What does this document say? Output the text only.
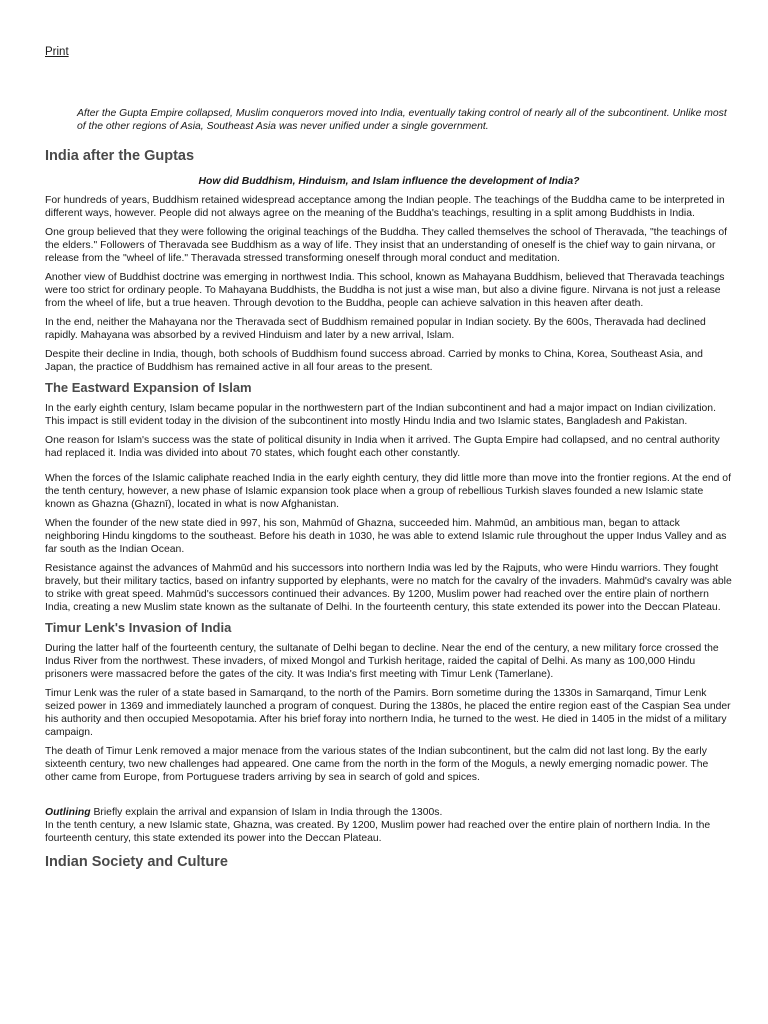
Print

After the Gupta Empire collapsed, Muslim conquerors moved into India, eventually taking control of nearly all of the subcontinent. Unlike most of the other regions of Asia, Southeast Asia was never unified under a single government.

India after the Guptas

How did Buddhism, Hinduism, and Islam influence the development of India?

For hundreds of years, Buddhism retained widespread acceptance among the Indian people. The teachings of the Buddha came to be interpreted in different ways, however. People did not always agree on the meaning of the Buddha's teachings, resulting in a split among Buddhists in India.

One group believed that they were following the original teachings of the Buddha. They called themselves the school of Theravada, "the teachings of the elders." Followers of Theravada see Buddhism as a way of life. They insist that an understanding of oneself is the chief way to gain nirvana, or release from the "wheel of life." Theravada stressed transforming oneself through moral conduct and meditation.

Another view of Buddhist doctrine was emerging in northwest India. This school, known as Mahayana Buddhism, believed that Theravada teachings were too strict for ordinary people. To Mahayana Buddhists, the Buddha is not just a wise man, but also a divine figure. Nirvana is not just a release from the wheel of life, but a true heaven. Through devotion to the Buddha, people can achieve salvation in this heaven after death.

In the end, neither the Mahayana nor the Theravada sect of Buddhism remained popular in Indian society. By the 600s, Theravada had declined rapidly. Mahayana was absorbed by a revived Hinduism and later by a new arrival, Islam.

Despite their decline in India, though, both schools of Buddhism found success abroad. Carried by monks to China, Korea, Southeast Asia, and Japan, the practice of Buddhism has remained active in all four areas to the present.

The Eastward Expansion of Islam

In the early eighth century, Islam became popular in the northwestern part of the Indian subcontinent and had a major impact on Indian civilization. This impact is still evident today in the division of the subcontinent into mostly Hindu India and two Islamic states, Bangladesh and Pakistan.

One reason for Islam's success was the state of political disunity in India when it arrived. The Gupta Empire had collapsed, and no central authority had replaced it. India was divided into about 70 states, which fought each other constantly.

When the forces of the Islamic caliphate reached India in the early eighth century, they did little more than move into the frontier regions. At the end of the tenth century, however, a new phase of Islamic expansion took place when a group of rebellious Turkish slaves founded a new Islamic state known as Ghazna (Ghaznī), located in what is now Afghanistan.

When the founder of the new state died in 997, his son, Mahmūd of Ghazna, succeeded him. Mahmūd, an ambitious man, began to attack neighboring Hindu kingdoms to the southeast. Before his death in 1030, he was able to extend Islamic rule throughout the upper Indus Valley and as far south as the Indian Ocean.

Resistance against the advances of Mahmūd and his successors into northern India was led by the Rajputs, who were Hindu warriors. They fought bravely, but their military tactics, based on infantry supported by elephants, were no match for the cavalry of the invaders. Mahmūd's cavalry was able to strike with great speed. Mahmūd's successors continued their advances. By 1200, Muslim power had reached over the entire plain of northern India, creating a new Muslim state known as the sultanate of Delhi. In the fourteenth century, this state extended its power into the Deccan Plateau.

Timur Lenk's Invasion of India

During the latter half of the fourteenth century, the sultanate of Delhi began to decline. Near the end of the century, a new military force crossed the Indus River from the northwest. These invaders, of mixed Mongol and Turkish heritage, raided the capital of Delhi. As many as 100,000 Hindu prisoners were massacred before the gates of the city. It was India's first meeting with Timur Lenk (Tamerlane).

Timur Lenk was the ruler of a state based in Samarqand, to the north of the Pamirs. Born sometime during the 1330s in Samarqand, Timur Lenk seized power in 1369 and immediately launched a program of conquest. During the 1380s, he placed the entire region east of the Caspian Sea under his authority and then occupied Mesopotamia. After his brief foray into northern India, he turned to the west. He died in 1405 in the midst of a military campaign.

The death of Timur Lenk removed a major menace from the various states of the Indian subcontinent, but the calm did not last long. By the early sixteenth century, two new challenges had appeared. One came from the north in the form of the Moguls, a newly emerging nomadic power. The other came from Europe, from Portuguese traders arriving by sea in search of gold and spices.

Outlining Briefly explain the arrival and expansion of Islam in India through the 1300s.

In the tenth century, a new Islamic state, Ghazna, was created. By 1200, Muslim power had reached over the entire plain of northern India. In the fourteenth century, this state extended its power into the Deccan Plateau.

Indian Society and Culture
